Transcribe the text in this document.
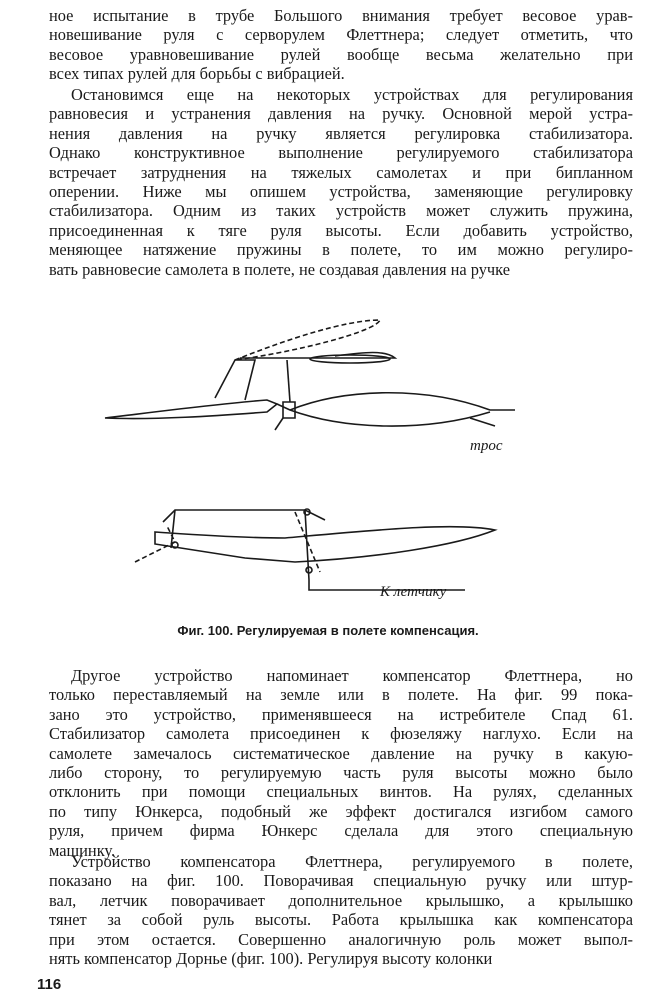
ное испытание в трубе Большого внимания требует весовое урав-
новешивание руля с серворулем Флеттнера; следует отметить, что
весовое уравновешивание рулей вообще весьма желательно при
всех типах рулей для борьбы с вибрацией.
Остановимся еще на некоторых устройствах для регулирования
равновесия и устранения давления на ручку. Основной мерой устра-
нения давления на ручку является регулировка стабилизатора.
Однако конструктивное выполнение регулируемого стабилизатора
встречает затруднения на тяжелых самолетах и при бипланном
оперении. Ниже мы опишем устройства, заменяющие регулировку
стабилизатора. Одним из таких устройств может служить пружина,
присоединенная к тяге руля высоты. Если добавить устройство,
меняющее натяжение пружины в полете, то им можно регулиро-
вать равновесие самолета в полете, не создавая давления на ручке
трос
К летчику
Фиг. 100. Регулируемая в полете компенсация.
Другое устройство напоминает компенсатор Флеттнера, но
только переставляемый на земле или в полете. На фиг. 99 пока-
зано это устройство, применявшееся на истребителе Спад 61.
Стабилизатор самолета присоединен к фюзеляжу наглухо. Если на
самолете замечалось систематическое давление на ручку в какую-
либо сторону, то регулируемую часть руля высоты можно было
отклонить при помощи специальных винтов. На рулях, сделанных
по типу Юнкерса, подобный же эффект достигался изгибом самого
руля, причем фирма Юнкерс сделала для этого специальную
машинку.
Устройство компенсатора Флеттнера, регулируемого в полете,
показано на фиг. 100. Поворачивая специальную ручку или штур-
вал, летчик поворачивает дополнительное крылышко, а крылышко
тянет за собой руль высоты. Работа крылышка как компенсатора
при этом остается. Совершенно аналогичную роль может выпол-
нять компенсатор Дорнье (фиг. 100). Регулируя высоту колонки
116
